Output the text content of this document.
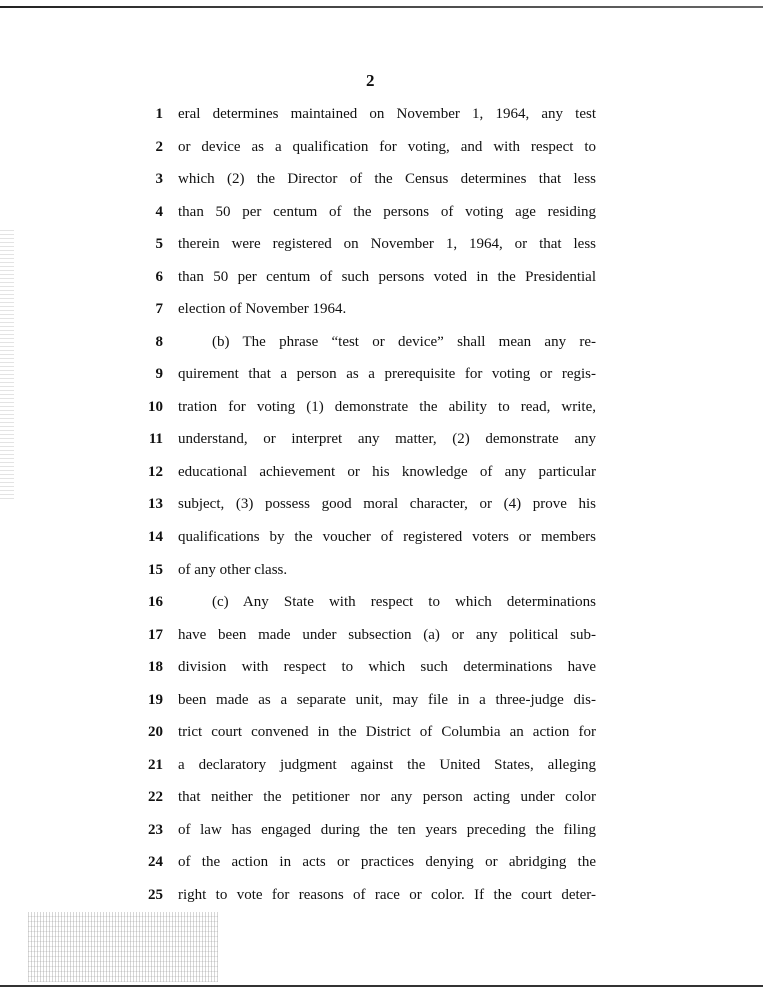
2
1 eral determines maintained on November 1, 1964, any test
2 or device as a qualification for voting, and with respect to
3 which (2) the Director of the Census determines that less
4 than 50 per centum of the persons of voting age residing
5 therein were registered on November 1, 1964, or that less
6 than 50 per centum of such persons voted in the Presidential
7 election of November 1964.
8	(b) The phrase “test or device” shall mean any re-
9 quirement that a person as a prerequisite for voting or regis-
10 tration for voting (1) demonstrate the ability to read, write,
11 understand, or interpret any matter, (2) demonstrate any
12 educational achievement or his knowledge of any particular
13 subject, (3) possess good moral character, or (4) prove his
14 qualifications by the voucher of registered voters or members
15 of any other class.
16	(c) Any State with respect to which determinations
17 have been made under subsection (a) or any political sub-
18 division with respect to which such determinations have
19 been made as a separate unit, may file in a three-judge dis-
20 trict court convened in the District of Columbia an action for
21 a declaratory judgment against the United States, alleging
22 that neither the petitioner nor any person acting under color
23 of law has engaged during the ten years preceding the filing
24 of the action in acts or practices denying or abridging the
25 right to vote for reasons of race or color. If the court deter-
